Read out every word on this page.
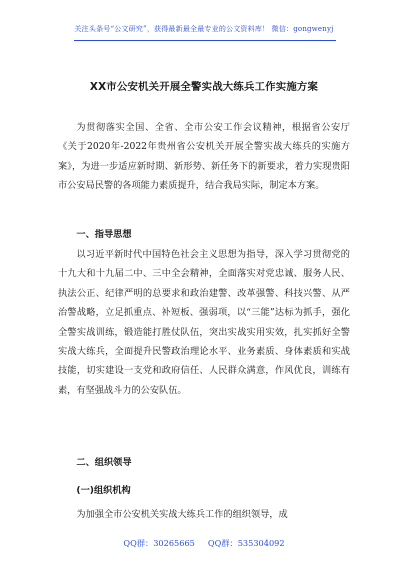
关注头条号“公文研究”，获得最新最全最专业的公文资料库！ 微信：gongwenyj
XX市公安机关开展全警实战大练兵工作实施方案
为贯彻落实全国、全省、全市公安工作会议精神，根据省公安厅《关于2020年-2022年贵州省公安机关开展全警实战大练兵的实施方案》，为进一步适应新时期、新形势、新任务下的新要求，着力实现贵阳市公安局民警的各项能力素质提升，结合我局实际，制定本方案。
一、指导思想
以习近平新时代中国特色社会主义思想为指导，深入学习贯彻党的十九大和十九届二中、三中全会精神，全面落实对党忠诚、服务人民、执法公正、纪律严明的总要求和政治建警、改革强警、科技兴警、从严治警战略，立足抓重点、补短板、强弱项，以“三能”达标为抓手，强化全警实战训练，锻造能打胜仗队伍，突出实战实用实效，扎实抓好全警实战大练兵，全面提升民警政治理论水平、业务素质、身体素质和实战技能，切实建设一支党和政府信任、人民群众满意，作风优良，训练有素，有坚强战斗力的公安队伍。
二、组织领导
(一)组织机构
为加强全市公安机关实战大练兵工作的组织领导，成
QQ群：30265665     QQ群：535304092
